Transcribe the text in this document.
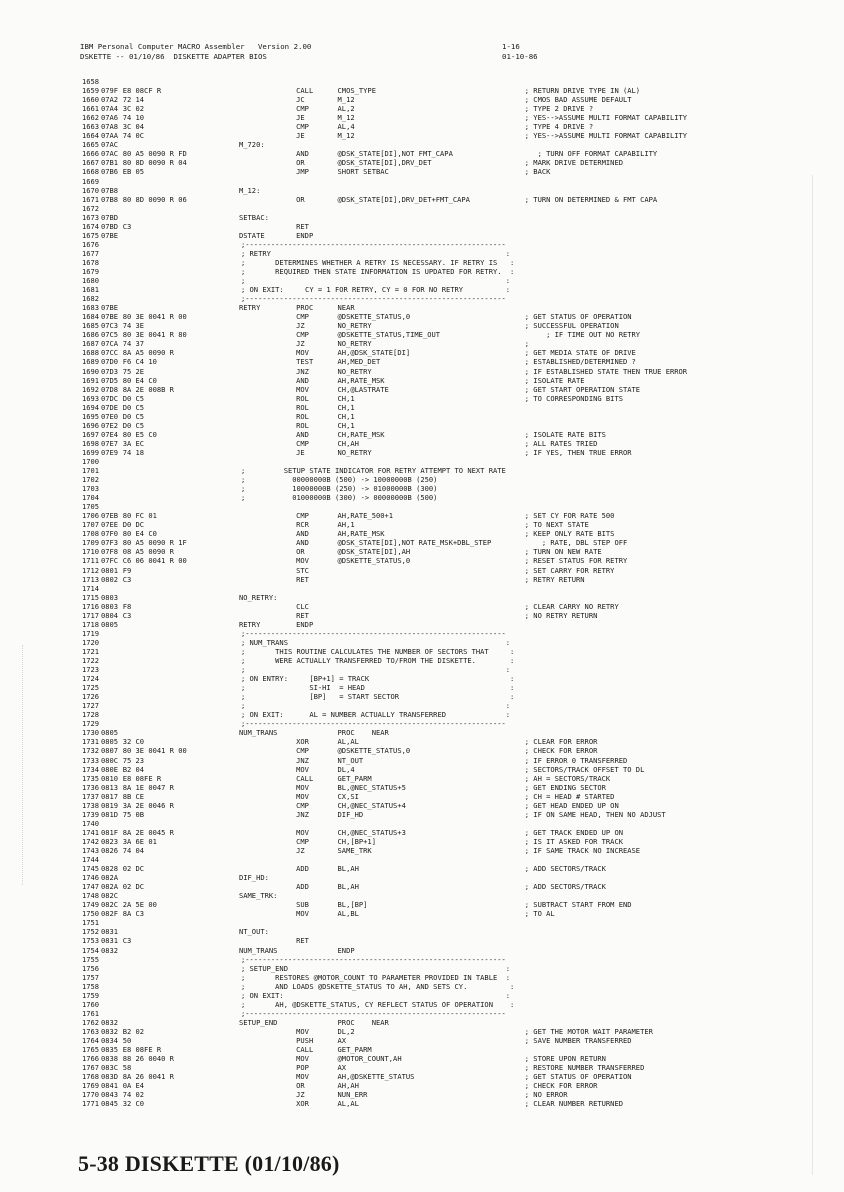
IBM Personal Computer MACRO Assembler   Version 2.00	1-16
DSKETTE -- 01/10/86  DISKETTE ADAPTER BIOS	01-10-86
1658
1659 079F E8 08CF R	CALL	CMOS_TYPE	; RETURN DRIVE TYPE IN (AL)
1660 07A2 72 14	JC	M_12	; CMOS BAD ASSUME DEFAULT
1661 07A4 3C 02	CMP	AL,2	; TYPE 2 DRIVE ?
1662 07A6 74 10	JE	M_12	; YES-->ASSUME MULTI FORMAT CAPABILITY
1663 07A8 3C 04	CMP	AL,4	; TYPE 4 DRIVE ?
1664 07AA 74 0C	JE	M_12	; YES-->ASSUME MULTI FORMAT CAPABILITY
1665 07AC	M_720:
1666 07AC 80 A5 0090 R FD	AND	@DSK_STATE[DI],NOT FMT_CAPA	; TURN OFF FORMAT CAPABILITY
1667 07B1 80 8D 0090 R 04	OR	@DSK_STATE[DI],DRV_DET	; MARK DRIVE DETERMINED
1668 07B6 EB 05	JMP	SHORT SETBAC	; BACK
1669
1670 07B8	M_12:
1671 07B8 80 8D 0090 R 06	OR	@DSK_STATE[DI],DRV_DET+FMT_CAPA	; TURN ON DETERMINED & FMT CAPA
1672
1673 07BD	SETBAC:
1674 07BD C3	RET
1675 07BE	DSTATE	ENDP
1676	;-------------------------------------------------------------
1677	; RETRY                                                       :
1678	;       DETERMINES WHETHER A RETRY IS NECESSARY. IF RETRY IS   :
1679	;       REQUIRED THEN STATE INFORMATION IS UPDATED FOR RETRY.  :
1680	;                                                             :
1681	; ON EXIT:     CY = 1 FOR RETRY, CY = 0 FOR NO RETRY          :
1682	;-------------------------------------------------------------
1683 07BE	RETRY	PROC	NEAR
1684 07BE 80 3E 0041 R 00	CMP	@DSKETTE_STATUS,0	; GET STATUS OF OPERATION
1685 07C3 74 3E	JZ	NO_RETRY	; SUCCESSFUL OPERATION
1686 07C5 80 3E 0041 R 80	CMP	@DSKETTE_STATUS,TIME_OUT	; IF TIME OUT NO RETRY
1687 07CA 74 37	JZ	NO_RETRY	;
1688 07CC 8A A5 0090 R	MOV	AH,@DSK_STATE[DI]	; GET MEDIA STATE OF DRIVE
1689 07D0 F6 C4 10	TEST	AH,MED_DET	; ESTABLISHED/DETERMINED ?
1690 07D3 75 2E	JNZ	NO_RETRY	; IF ESTABLISHED STATE THEN TRUE ERROR
1691 07D5 80 E4 C0	AND	AH,RATE_MSK	; ISOLATE RATE
1692 07D8 8A 2E 008B R	MOV	CH,@LASTRATE	; GET START OPERATION STATE
1693 07DC D0 C5	ROL	CH,1	; TO CORRESPONDING BITS
1694 07DE D0 C5	ROL	CH,1
1695 07E0 D0 C5	ROL	CH,1
1696 07E2 D0 C5	ROL	CH,1
1697 07E4 80 E5 C0	AND	CH,RATE_MSK	; ISOLATE RATE BITS
1698 07E7 3A EC	CMP	CH,AH	; ALL RATES TRIED
1699 07E9 74 18	JE	NO_RETRY	; IF YES, THEN TRUE ERROR
1700
1701	;         SETUP STATE INDICATOR FOR RETRY ATTEMPT TO NEXT RATE
1702	;           00000000B (500) -> 10000000B (250)
1703	;           10000000B (250) -> 01000000B (300)
1704	;           01000000B (300) -> 00000000B (500)
1705
1706 07EB 80 FC 01	CMP	AH,RATE_500+1	; SET CY FOR RATE 500
1707 07EE D0 DC	RCR	AH,1	; TO NEXT STATE
1708 07F0 80 E4 C0	AND	AH,RATE_MSK	; KEEP ONLY RATE BITS
1709 07F3 80 A5 0090 R 1F	AND	@DSK_STATE[DI],NOT RATE_MSK+DBL_STEP	; RATE, DBL STEP OFF
1710 07F8 08 A5 0090 R	OR	@DSK_STATE[DI],AH	; TURN ON NEW RATE
1711 07FC C6 06 0041 R 00	MOV	@DSKETTE_STATUS,0	; RESET STATUS FOR RETRY
1712 0801 F9	STC	; SET CARRY FOR RETRY
1713 0802 C3	RET	; RETRY RETURN
1714
1715 0803	NO_RETRY:
1716 0803 F8	CLC	; CLEAR CARRY NO RETRY
1717 0804 C3	RET	; NO RETRY RETURN
1718 0805	RETRY	ENDP
1719	;-------------------------------------------------------------
1720	; NUM_TRANS                                                   :
1721	;       THIS ROUTINE CALCULATES THE NUMBER OF SECTORS THAT     :
1722	;       WERE ACTUALLY TRANSFERRED TO/FROM THE DISKETTE.        :
1723	;                                                             :
1724	; ON ENTRY:     [BP+1] = TRACK                                 :
1725	;               SI-HI  = HEAD                                  :
1726	;               [BP]   = START SECTOR                          :
1727	;                                                             :
1728	; ON EXIT:      AL = NUMBER ACTUALLY TRANSFERRED              :
1729	;-------------------------------------------------------------
1730 0805	NUM_TRANS	PROC    NEAR
1731 0805 32 C0	XOR	AL,AL	; CLEAR FOR ERROR
1732 0807 80 3E 0041 R 00	CMP	@DSKETTE_STATUS,0	; CHECK FOR ERROR
1733 080C 75 23	JNZ	NT_OUT	; IF ERROR 0 TRANSFERRED
1734 080E B2 04	MOV	DL,4	; SECTORS/TRACK OFFSET TO DL
1735 0810 E8 08FE R	CALL	GET_PARM	; AH = SECTORS/TRACK
1736 0813 8A 1E 0047 R	MOV	BL,@NEC_STATUS+5	; GET ENDING SECTOR
1737 0817 8B CE	MOV	CX,SI	; CH = HEAD # STARTED
1738 0819 3A 2E 0046 R	CMP	CH,@NEC_STATUS+4	; GET HEAD ENDED UP ON
1739 081D 75 0B	JNZ	DIF_HD	; IF ON SAME HEAD, THEN NO ADJUST
1740
1741 081F 8A 2E 0045 R	MOV	CH,@NEC_STATUS+3	; GET TRACK ENDED UP ON
1742 0823 3A 6E 01	CMP	CH,[BP+1]	; IS IT ASKED FOR TRACK
1743 0826 74 04	JZ	SAME_TRK	; IF SAME TRACK NO INCREASE
1744
1745 0828 02 DC	ADD	BL,AH	; ADD SECTORS/TRACK
1746 082A	DIF_HD:
1747 082A 02 DC	ADD	BL,AH	; ADD SECTORS/TRACK
1748 082C	SAME_TRK:
1749 082C 2A 5E 00	SUB	BL,[BP]	; SUBTRACT START FROM END
1750 082F 8A C3	MOV	AL,BL	; TO AL
1751
1752 0831	NT_OUT:
1753 0831 C3	RET
1754 0832	NUM_TRANS	ENDP
1755	;-------------------------------------------------------------
1756	; SETUP_END                                                   :
1757	;       RESTORES @MOTOR_COUNT TO PARAMETER PROVIDED IN TABLE  :
1758	;       AND LOADS @DSKETTE_STATUS TO AH, AND SETS CY.          :
1759	; ON EXIT:                                                    :
1760	;       AH, @DSKETTE_STATUS, CY REFLECT STATUS OF OPERATION    :
1761	;-------------------------------------------------------------
1762 0832	SETUP_END	PROC    NEAR
1763 0832 B2 02	MOV	DL,2	; GET THE MOTOR WAIT PARAMETER
1764 0834 50	PUSH	AX	; SAVE NUMBER TRANSFERRED
1765 0835 E8 08FE R	CALL	GET_PARM
1766 0838 88 26 0040 R	MOV	@MOTOR_COUNT,AH	; STORE UPON RETURN
1767 083C 58	POP	AX	; RESTORE NUMBER TRANSFERRED
1768 083D 8A 26 0041 R	MOV	AH,@DSKETTE_STATUS	; GET STATUS OF OPERATION
1769 0841 0A E4	OR	AH,AH	; CHECK FOR ERROR
1770 0843 74 02	JZ	NUN_ERR	; NO ERROR
1771 0845 32 C0	XOR	AL,AL	; CLEAR NUMBER RETURNED
5-38 DISKETTE (01/10/86)
